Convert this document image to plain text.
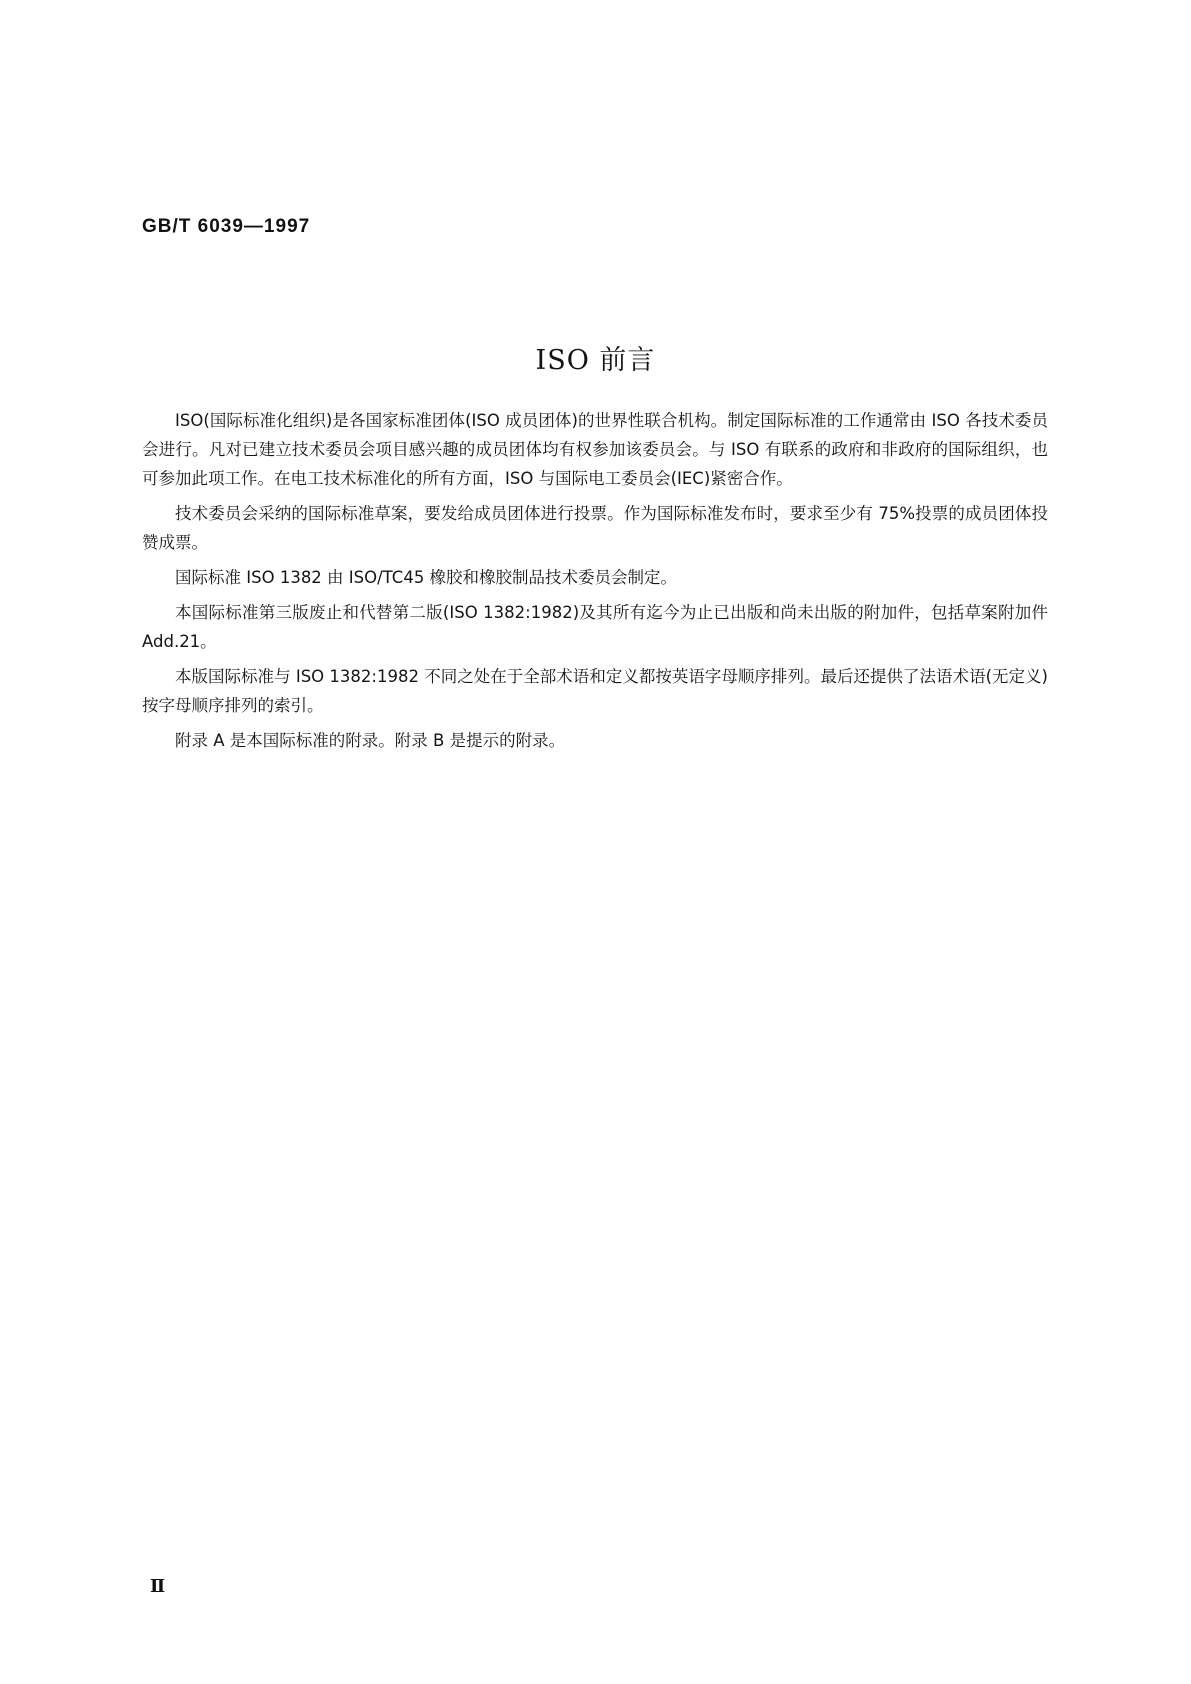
GB/T 6039—1997
ISO 前言

ISO(国际标准化组织)是各国家标准团体(ISO 成员团体)的世界性联合机构。制定国际标准的工作通常由 ISO 各技术委员会进行。凡对已建立技术委员会项目感兴趣的成员团体均有权参加该委员会。与 ISO 有联系的政府和非政府的国际组织，也可参加此项工作。在电工技术标准化的所有方面，ISO 与国际电工委员会(IEC)紧密合作。

技术委员会采纳的国际标准草案，要发给成员团体进行投票。作为国际标准发布时，要求至少有 75%投票的成员团体投赞成票。

国际标准 ISO 1382 由 ISO/TC45 橡胶和橡胶制品技术委员会制定。

本国际标准第三版废止和代替第二版(ISO 1382:1982)及其所有迄今为止已出版和尚未出版的附加件，包括草案附加件 Add.21。

本版国际标准与 ISO 1382:1982 不同之处在于全部术语和定义都按英语字母顺序排列。最后还提供了法语术语(无定义)按字母顺序排列的索引。

附录 A 是本国际标准的附录。附录 B 是提示的附录。

Ⅱ
